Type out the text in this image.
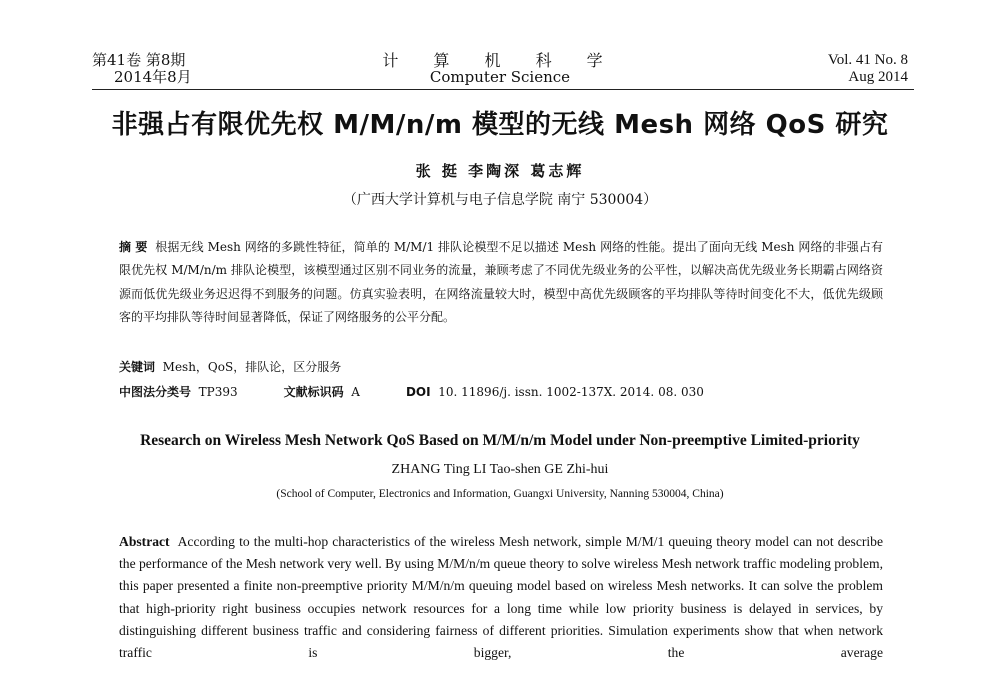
第41卷 第8期
2014年8月
计 算 机 科 学
Computer Science
Vol. 41 No. 8
Aug 2014
非强占有限优先权 M/M/n/m 模型的无线 Mesh 网络 QoS 研究
张 挺 李陶深 葛志辉
（广西大学计算机与电子信息学院 南宁 530004）
摘 要 根据无线 Mesh 网络的多跳性特征，简单的 M/M/1 排队论模型不足以描述 Mesh 网络的性能。提出了面向无线 Mesh 网络的非强占有限优先权 M/M/n/m 排队论模型，该模型通过区别不同业务的流量，兼顾考虑了不同优先级业务的公平性，以解决高优先级业务长期霸占网络资源而低优先级业务迟迟得不到服务的问题。仿真实验表明，在网络流量较大时，模型中高优先级顾客的平均排队等待时间变化不大，低优先级顾客的平均排队等待时间显著降低，保证了网络服务的公平分配。
关键词 Mesh，QoS，排队论，区分服务
中图法分类号 TP393	文献标识码 A	DOI 10. 11896/j. issn. 1002-137X. 2014. 08. 030
Research on Wireless Mesh Network QoS Based on M/M/n/m Model under Non-preemptive Limited-priority
ZHANG Ting LI Tao-shen GE Zhi-hui
(School of Computer, Electronics and Information, Guangxi University, Nanning 530004, China)
Abstract According to the multi-hop characteristics of the wireless Mesh network, simple M/M/1 queuing theory model can not describe the performance of the Mesh network very well. By using M/M/n/m queue theory to solve wireless Mesh network traffic modeling problem, this paper presented a finite non-preemptive priority M/M/n/m queuing model based on wireless Mesh networks. It can solve the problem that high-priority right business occupies network resources for a long time while low priority business is delayed in services, by distinguishing different business traffic and considering fairness of different priorities. Simulation experiments show that when network traffic is bigger, the average
